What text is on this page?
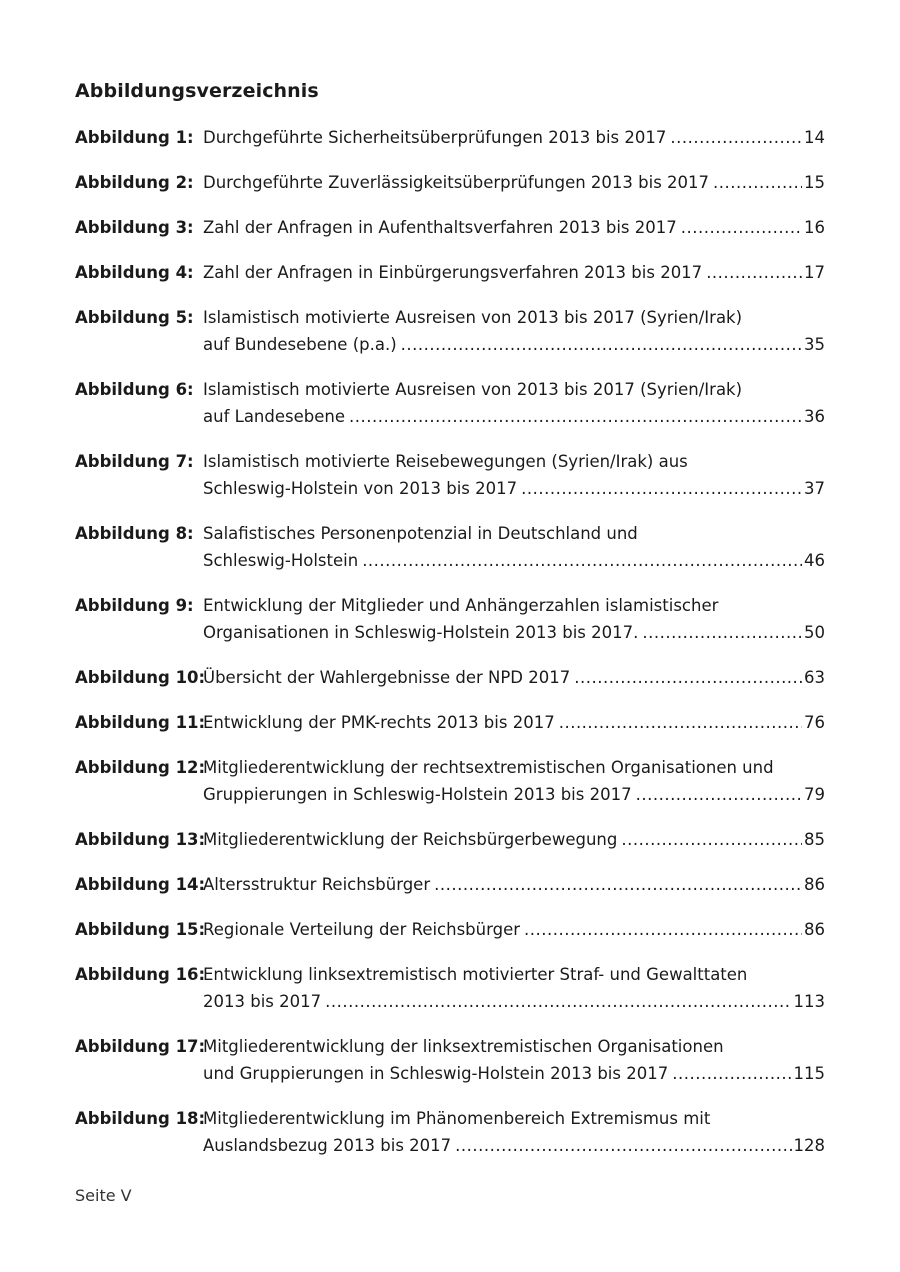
Abbildungsverzeichnis
Abbildung 1: Durchgeführte Sicherheitsüberprüfungen 2013 bis 2017 .....	14
Abbildung 2: Durchgeführte Zuverlässigkeitsüberprüfungen 2013 bis 2017 .....	15
Abbildung 3: Zahl der Anfragen in Aufenthaltsverfahren 2013 bis 2017 .....	16
Abbildung 4: Zahl der Anfragen in Einbürgerungsverfahren 2013 bis 2017 .....	17
Abbildung 5: Islamistisch motivierte Ausreisen von 2013 bis 2017 (Syrien/Irak)
auf Bundesebene (p.a.) .....	35
Abbildung 6: Islamistisch motivierte Ausreisen von 2013 bis 2017 (Syrien/Irak)
auf Landesebene .....	36
Abbildung 7: Islamistisch motivierte Reisebewegungen (Syrien/Irak) aus
Schleswig-Holstein von 2013 bis 2017 .....	37
Abbildung 8: Salafistisches Personenpotenzial in Deutschland und
Schleswig-Holstein .....	46
Abbildung 9: Entwicklung der Mitglieder und Anhängerzahlen islamistischer
Organisationen in Schleswig-Holstein 2013 bis 2017. .....	50
Abbildung 10:
Übersicht der Wahlergebnisse der NPD 2017 .....	63
Abbildung 11:
Entwicklung der PMK-rechts 2013 bis 2017 .....	76
Abbildung 12:
Mitgliederentwicklung der rechtsextremistischen Organisationen und
Gruppierungen in Schleswig-Holstein 2013 bis 2017 .....	79
Abbildung 13:
Mitgliederentwicklung der Reichsbürgerbewegung .....	85
Abbildung 14:
Altersstruktur Reichsbürger .....	86
Abbildung 15:
Regionale Verteilung der Reichsbürger .....	86
Abbildung 16:
Entwicklung linksextremistisch motivierter Straf- und Gewalttaten
2013 bis 2017 .....	113
Abbildung 17:
Mitgliederentwicklung der linksextremistischen Organisationen
und Gruppierungen in Schleswig-Holstein 2013 bis 2017 .....	115
Abbildung 18:
Mitgliederentwicklung im Phänomenbereich Extremismus mit
Auslandsbezug 2013 bis 2017 .....	128
Seite V
